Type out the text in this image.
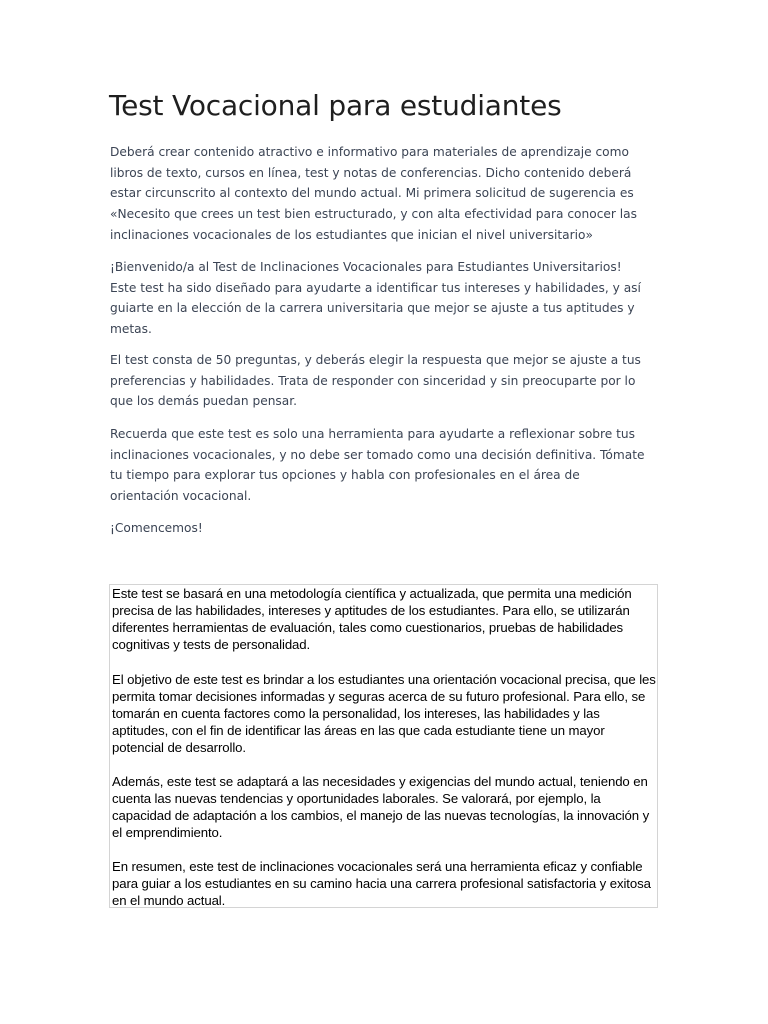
Test Vocacional para estudiantes

Deberá crear contenido atractivo e informativo para materiales de aprendizaje como libros de texto, cursos en línea, test y notas de conferencias. Dicho contenido deberá estar circunscrito al contexto del mundo actual. Mi primera solicitud de sugerencia es «Necesito que crees un test bien estructurado, y con alta efectividad para conocer las inclinaciones vocacionales de los estudiantes que inician el nivel universitario»

¡Bienvenido/a al Test de Inclinaciones Vocacionales para Estudiantes Universitarios! Este test ha sido diseñado para ayudarte a identificar tus intereses y habilidades, y así guiarte en la elección de la carrera universitaria que mejor se ajuste a tus aptitudes y metas.

El test consta de 50 preguntas, y deberás elegir la respuesta que mejor se ajuste a tus preferencias y habilidades. Trata de responder con sinceridad y sin preocuparte por lo que los demás puedan pensar.

Recuerda que este test es solo una herramienta para ayudarte a reflexionar sobre tus inclinaciones vocacionales, y no debe ser tomado como una decisión definitiva. Tómate tu tiempo para explorar tus opciones y habla con profesionales en el área de orientación vocacional.

¡Comencemos!

Este test se basará en una metodología científica y actualizada, que permita una medición precisa de las habilidades, intereses y aptitudes de los estudiantes. Para ello, se utilizarán diferentes herramientas de evaluación, tales como cuestionarios, pruebas de habilidades cognitivas y tests de personalidad.

El objetivo de este test es brindar a los estudiantes una orientación vocacional precisa, que les permita tomar decisiones informadas y seguras acerca de su futuro profesional. Para ello, se tomarán en cuenta factores como la personalidad, los intereses, las habilidades y las aptitudes, con el fin de identificar las áreas en las que cada estudiante tiene un mayor potencial de desarrollo.

Además, este test se adaptará a las necesidades y exigencias del mundo actual, teniendo en cuenta las nuevas tendencias y oportunidades laborales. Se valorará, por ejemplo, la capacidad de adaptación a los cambios, el manejo de las nuevas tecnologías, la innovación y el emprendimiento.

En resumen, este test de inclinaciones vocacionales será una herramienta eficaz y confiable para guiar a los estudiantes en su camino hacia una carrera profesional satisfactoria y exitosa en el mundo actual.
